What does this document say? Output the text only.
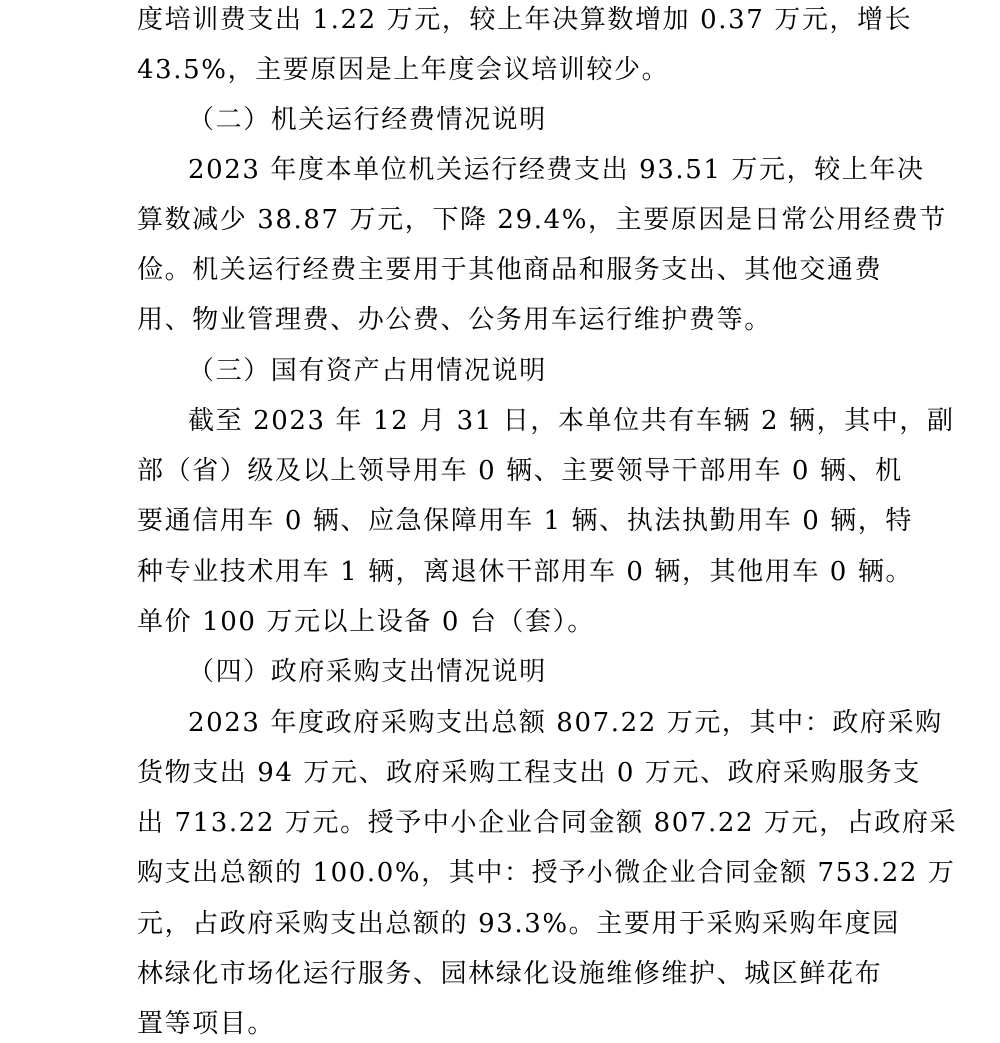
度培训费支出 1.22 万元，较上年决算数增加 0.37 万元，增长
43.5%，主要原因是上年度会议培训较少。
（二）机关运行经费情况说明
2023 年度本单位机关运行经费支出 93.51 万元，较上年决
算数减少 38.87 万元，下降 29.4%，主要原因是日常公用经费节
俭。机关运行经费主要用于其他商品和服务支出、其他交通费
用、物业管理费、办公费、公务用车运行维护费等。
（三）国有资产占用情况说明
截至 2023 年 12 月 31 日，本单位共有车辆 2 辆，其中，副
部（省）级及以上领导用车 0 辆、主要领导干部用车 0 辆、机
要通信用车 0 辆、应急保障用车 1 辆、执法执勤用车 0 辆，特
种专业技术用车 1 辆，离退休干部用车 0 辆，其他用车 0 辆。
单价 100 万元以上设备 0 台（套）。
（四）政府采购支出情况说明
2023 年度政府采购支出总额 807.22 万元，其中：政府采购
货物支出 94 万元、政府采购工程支出 0 万元、政府采购服务支
出 713.22 万元。授予中小企业合同金额 807.22 万元，占政府采
购支出总额的 100.0%，其中：授予小微企业合同金额 753.22 万
元，占政府采购支出总额的 93.3%。主要用于采购采购年度园
林绿化市场化运行服务、园林绿化设施维修维护、城区鲜花布
置等项目。
